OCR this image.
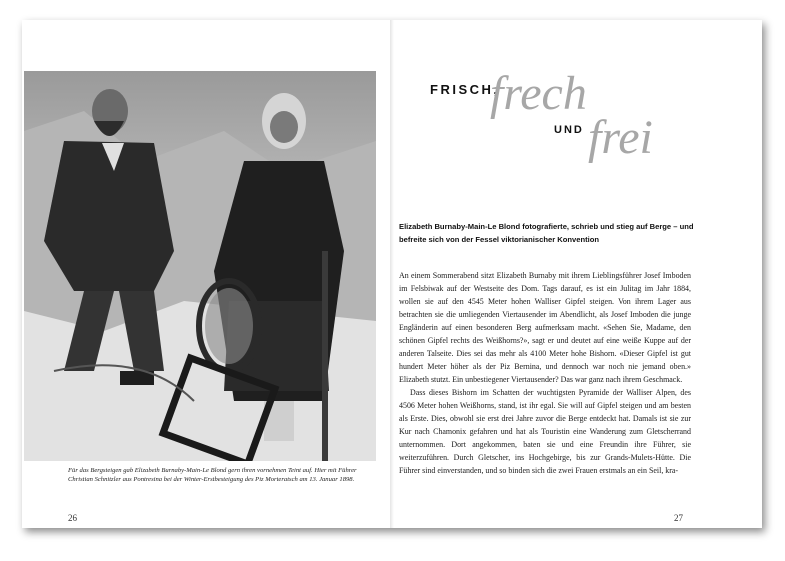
Für das Bergsteigen gab Elizabeth Burnaby-Main-Le Blond gern ihren vornehmen Teint auf. Hier mit Führer Christian Schnitzler aus Pontresina bei der Winter-Erstbesteigung des Piz Morteratsch am 13. Januar 1898.
26
FRISCH,
frech
UND frei
Elizabeth Burnaby-Main-Le Blond fotografierte, schrieb und stieg auf Berge – und befreite sich von der Fessel viktorianischer Konvention

An einem Sommerabend sitzt Elizabeth Burnaby mit ihrem Lieblingsführer Josef Imboden im Felsbiwak auf der Westseite des Dom. Tags darauf, es ist ein Julitag im Jahr 1884, wollen sie auf den 4545 Meter hohen Walliser Gipfel steigen. Von ihrem Lager aus betrachten sie die umliegenden Viertausender im Abendlicht, als Josef Imboden die junge Engländerin auf einen besonderen Berg aufmerksam macht. «Sehen Sie, Madame, den schönen Gipfel rechts des Weißhorns?», sagt er und deutet auf eine weiße Kuppe auf der anderen Talseite. Dies sei das mehr als 4100 Meter hohe Bishorn. «Dieser Gipfel ist gut hundert Meter höher als der Piz Bernina, und dennoch war noch nie jemand oben.» Elizabeth stutzt. Ein unbestiegener Viertausender? Das war ganz nach ihrem Geschmack.

Dass dieses Bishorn im Schatten der wuchtigsten Pyramide der Walliser Alpen, des 4506 Meter hohen Weißhorns, stand, ist ihr egal. Sie will auf Gipfel steigen und am besten als Erste. Dies, obwohl sie erst drei Jahre zuvor die Berge entdeckt hat. Damals ist sie zur Kur nach Chamonix gefahren und hat als Touristin eine Wanderung zum Gletscherrand unternommen. Dort angekommen, baten sie und eine Freundin ihre Führer, sie weiterzuführen. Durch Gletscher, ins Hochgebirge, bis zur Grands-Mulets-Hütte. Die Führer sind einverstanden, und so binden sich die zwei Frauen erstmals an ein Seil, kra-

27
